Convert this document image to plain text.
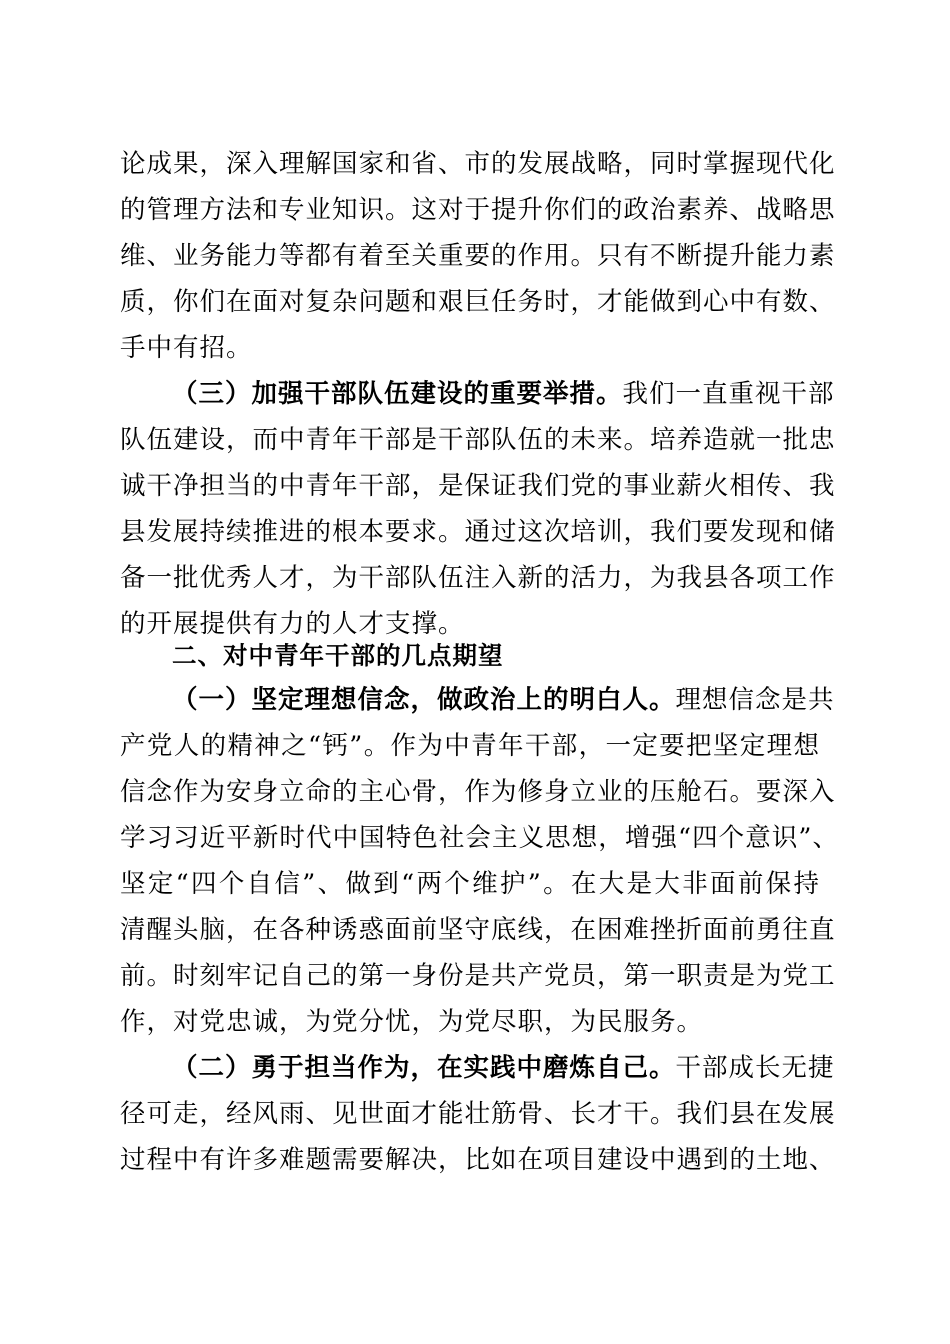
论成果，深入理解国家和省、市的发展战略，同时掌握现代化
的管理方法和专业知识。这对于提升你们的政治素养、战略思
维、业务能力等都有着至关重要的作用。只有不断提升能力素
质，你们在面对复杂问题和艰巨任务时，才能做到心中有数、
手中有招。
（三）加强干部队伍建设的重要举措。我们一直重视干部
队伍建设，而中青年干部是干部队伍的未来。培养造就一批忠
诚干净担当的中青年干部，是保证我们党的事业薪火相传、我
县发展持续推进的根本要求。通过这次培训，我们要发现和储
备一批优秀人才，为干部队伍注入新的活力，为我县各项工作
的开展提供有力的人才支撑。
二、对中青年干部的几点期望
（一）坚定理想信念，做政治上的明白人。理想信念是共
产党人的精神之“钙”。作为中青年干部，一定要把坚定理想
信念作为安身立命的主心骨，作为修身立业的压舱石。要深入
学习习近平新时代中国特色社会主义思想，增强“四个意识”、
坚定“四个自信”、做到“两个维护”。在大是大非面前保持
清醒头脑，在各种诱惑面前坚守底线，在困难挫折面前勇往直
前。时刻牢记自己的第一身份是共产党员，第一职责是为党工
作，对党忠诚，为党分忧，为党尽职，为民服务。
（二）勇于担当作为，在实践中磨炼自己。干部成长无捷
径可走，经风雨、见世面才能壮筋骨、长才干。我们县在发展
过程中有许多难题需要解决，比如在项目建设中遇到的土地、
